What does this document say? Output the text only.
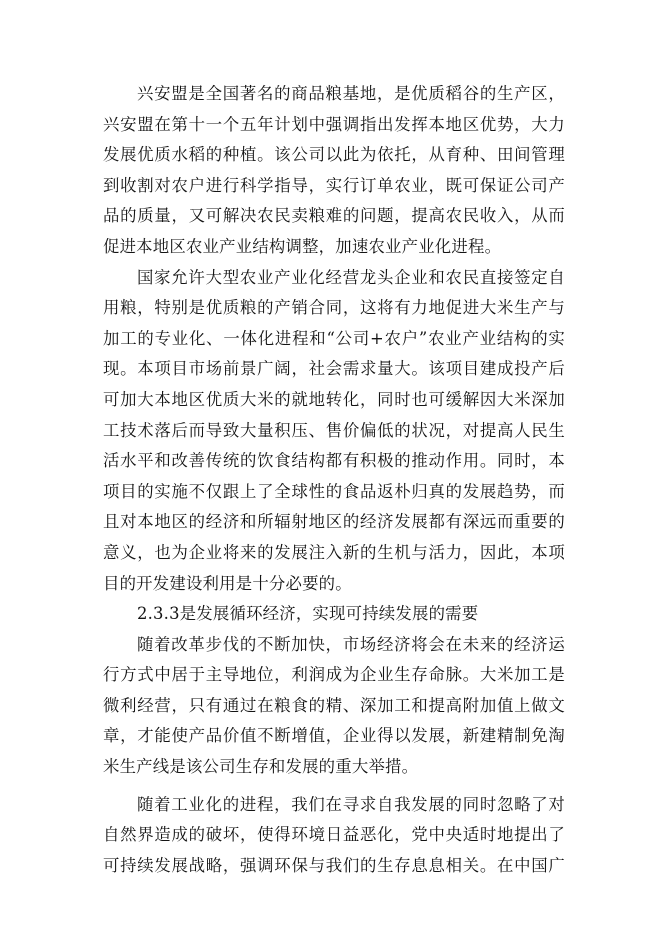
兴安盟是全国著名的商品粮基地，是优质稻谷的生产区，
兴安盟在第十一个五年计划中强调指出发挥本地区优势，大力
发展优质水稻的种植。该公司以此为依托，从育种、田间管理
到收割对农户进行科学指导，实行订单农业，既可保证公司产
品的质量，又可解决农民卖粮难的问题，提高农民收入，从而
促进本地区农业产业结构调整，加速农业产业化进程。
国家允许大型农业产业化经营龙头企业和农民直接签定自
用粮，特别是优质粮的产销合同，这将有力地促进大米生产与
加工的专业化、一体化进程和“公司+农户”农业产业结构的实
现。本项目市场前景广阔，社会需求量大。该项目建成投产后
可加大本地区优质大米的就地转化，同时也可缓解因大米深加
工技术落后而导致大量积压、售价偏低的状况，对提高人民生
活水平和改善传统的饮食结构都有积极的推动作用。同时，本
项目的实施不仅跟上了全球性的食品返朴归真的发展趋势，而
且对本地区的经济和所辐射地区的经济发展都有深远而重要的
意义，也为企业将来的发展注入新的生机与活力，因此，本项
目的开发建设利用是十分必要的。
2.3.3是发展循环经济，实现可持续发展的需要
随着改革步伐的不断加快，市场经济将会在未来的经济运
行方式中居于主导地位，利润成为企业生存命脉。大米加工是
微利经营，只有通过在粮食的精、深加工和提高附加值上做文
章，才能使产品价值不断增值，企业得以发展，新建精制免淘
米生产线是该公司生存和发展的重大举措。
随着工业化的进程，我们在寻求自我发展的同时忽略了对
自然界造成的破坏，使得环境日益恶化，党中央适时地提出了
可持续发展战略，强调环保与我们的生存息息相关。在中国广
